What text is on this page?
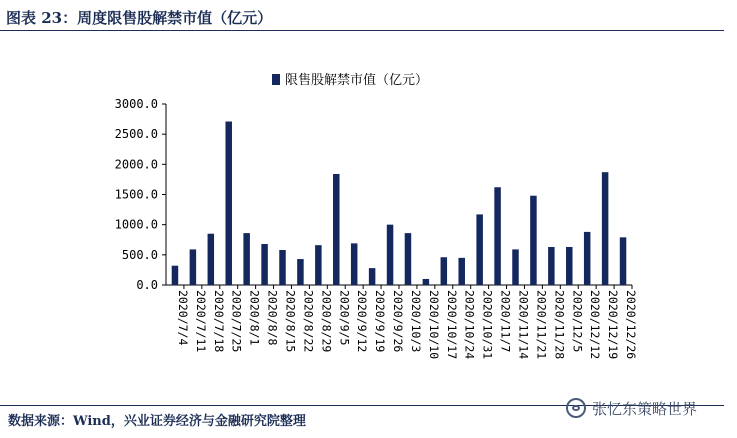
图表 23：周度限售股解禁市值（亿元）
限售股解禁市值（亿元）
0.0
500.0
1000.0
1500.0
2000.0
2500.0
3000.0
2020/7/4 2020/7/11 2020/7/18 2020/7/25 2020/8/1 2020/8/8 2020/8/15 2020/8/22 2020/8/29 2020/9/5 2020/9/12 2020/9/19 2020/9/26 2020/10/3 2020/10/10 2020/10/17 2020/10/24 2020/10/31 2020/11/7 2020/11/14 2020/11/21 2020/11/28 2020/12/5 2020/12/12 2020/12/19 2020/12/26
数据来源：Wind，兴业证券经济与金融研究院整理
张忆东策略世界
